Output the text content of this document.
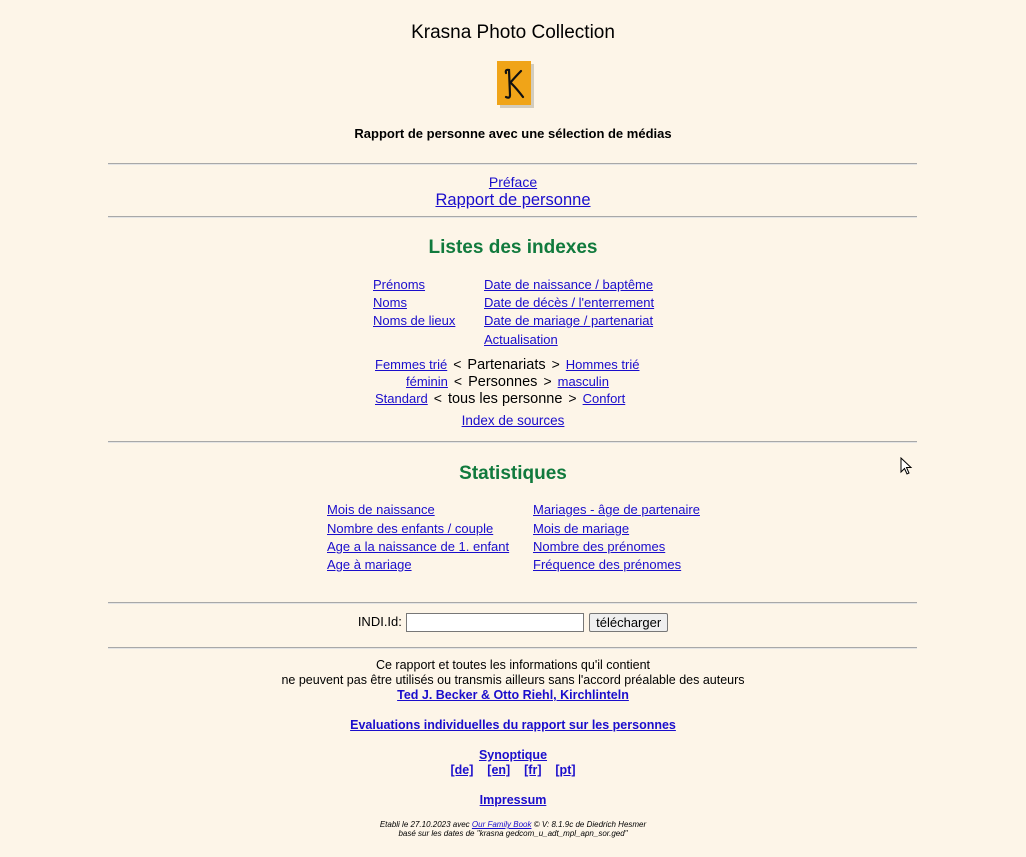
Krasna Photo Collection
Rapport de personne avec une sélection de médias
Préface
Rapport de personne
Listes des indexes
Prénoms
Noms
Noms de lieux
Date de naissance / baptême
Date de décès / l'enterrement
Date de mariage / partenariat
Actualisation
Femmes trié < Partenariats > Hommes trié
féminin < Personnes > masculin
Standard < tous les personne > Confort
Index de sources
Statistiques
Mois de naissance
Nombre des enfants / couple
Age a la naissance de 1. enfant
Age à mariage
Mariages - âge de partenaire
Mois de mariage
Nombre des prénomes
Fréquence des prénomes
INDI.Id:	télécharger
Ce rapport et toutes les informations qu'il contient
ne peuvent pas être utilisés ou transmis ailleurs sans l'accord préalable des auteurs
Ted J. Becker & Otto Riehl, Kirchlinteln
Evaluations individuelles du rapport sur les personnes
Synoptique
[de] [en] [fr] [pt]
Impressum
Etabli le 27.10.2023 avec Our Family Book © V: 8.1.9c de Diedrich Hesmer
basé sur les dates de "krasna gedcom_u_adt_mpl_apn_sor.ged"
